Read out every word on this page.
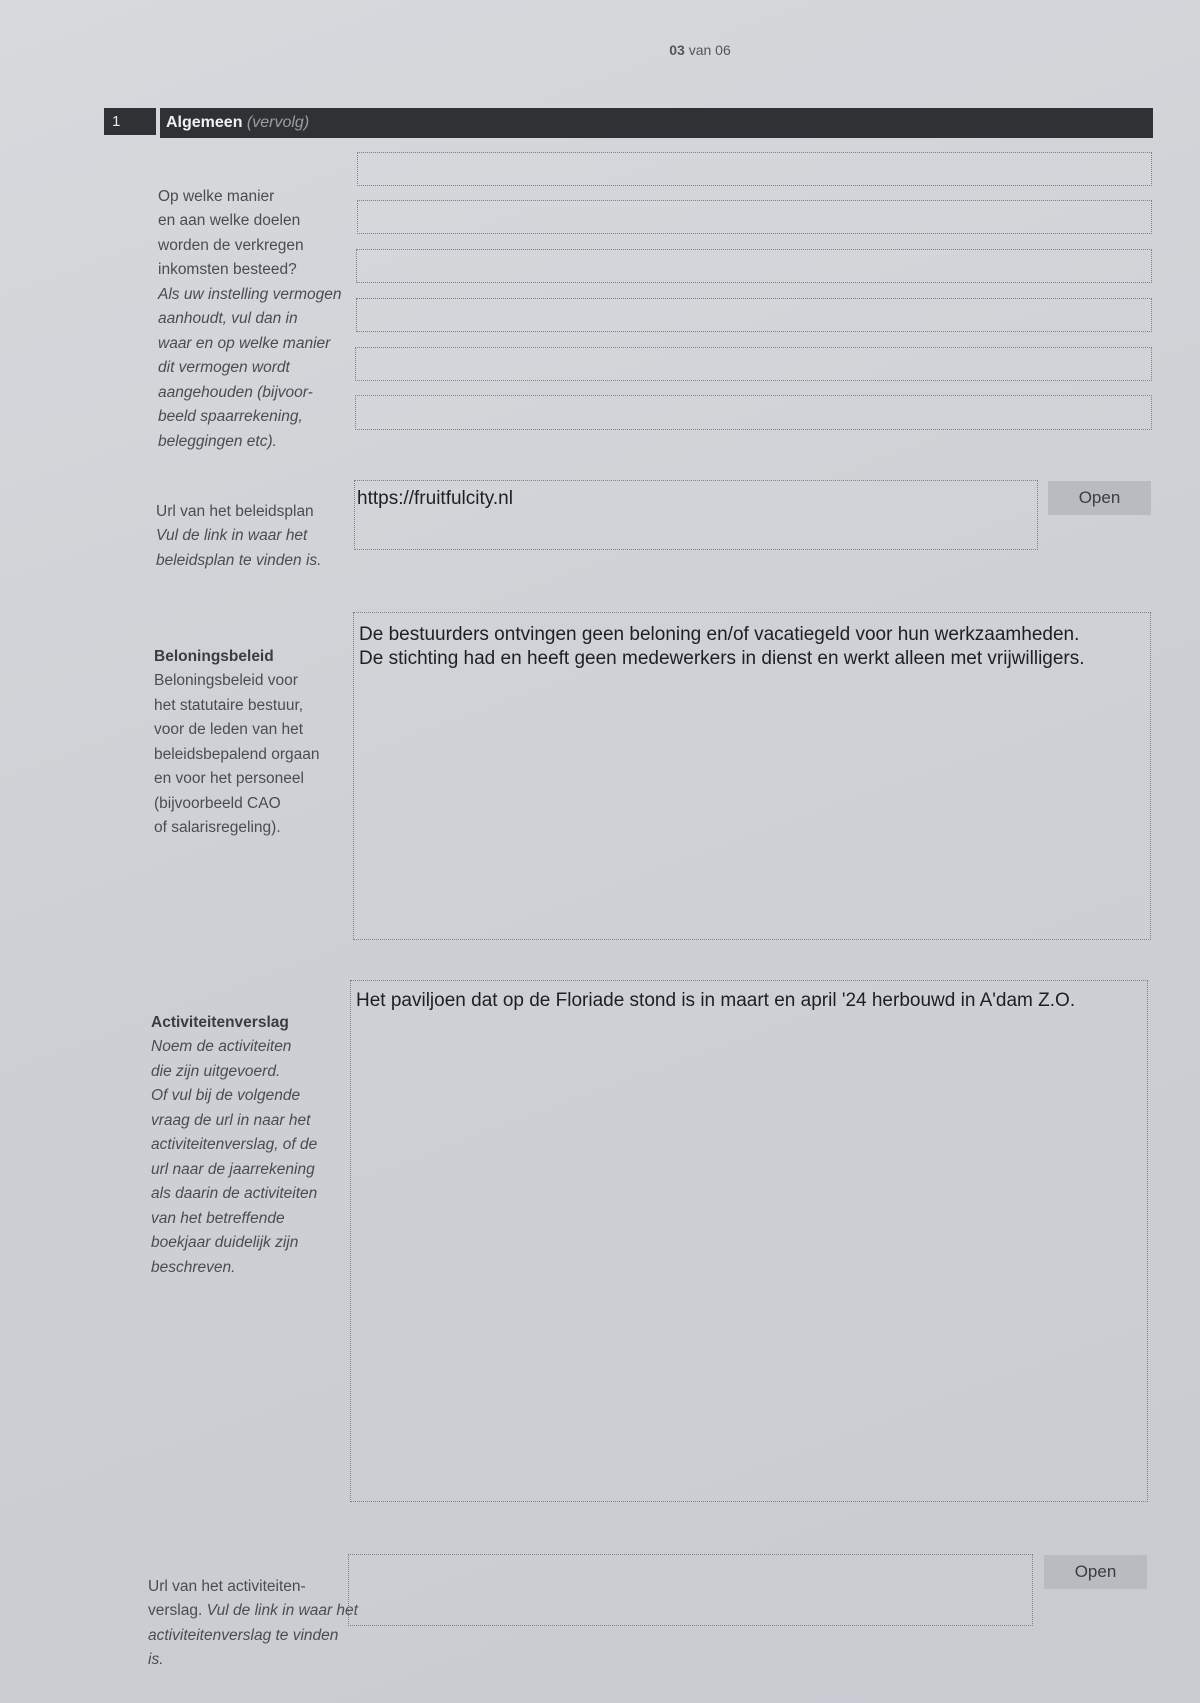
03 van 06
1	Algemeen (vervolg)

Op welke manier
en aan welke doelen
worden de verkregen
inkomsten besteed?
Als uw instelling vermogen
aanhoudt, vul dan in
waar en op welke manier
dit vermogen wordt
aangehouden (bijvoor-
beeld spaarrekening,
beleggingen etc).

Url van het beleidsplan
Vul de link in waar het
beleidsplan te vinden is.

https://fruitfulcity.nl	Open

Beloningsbeleid
Beloningsbeleid voor
het statutaire bestuur,
voor de leden van het
beleidsbepalend orgaan
en voor het personeel
(bijvoorbeeld CAO
of salarisregeling).

De bestuurders ontvingen geen beloning en/of vacatiegeld voor hun werkzaamheden.
De stichting had en heeft geen medewerkers in dienst en werkt alleen met vrijwilligers.

Activiteitenverslag
Noem de activiteiten
die zijn uitgevoerd.
Of vul bij de volgende
vraag de url in naar het
activiteitenverslag, of de
url naar de jaarrekening
als daarin de activiteiten
van het betreffende
boekjaar duidelijk zijn
beschreven.

Het paviljoen dat op de Floriade stond is in maart en april '24 herbouwd in A'dam Z.O.

Url van het activiteiten-
verslag. Vul de link in waar het
activiteitenverslag te vinden is.

Open
